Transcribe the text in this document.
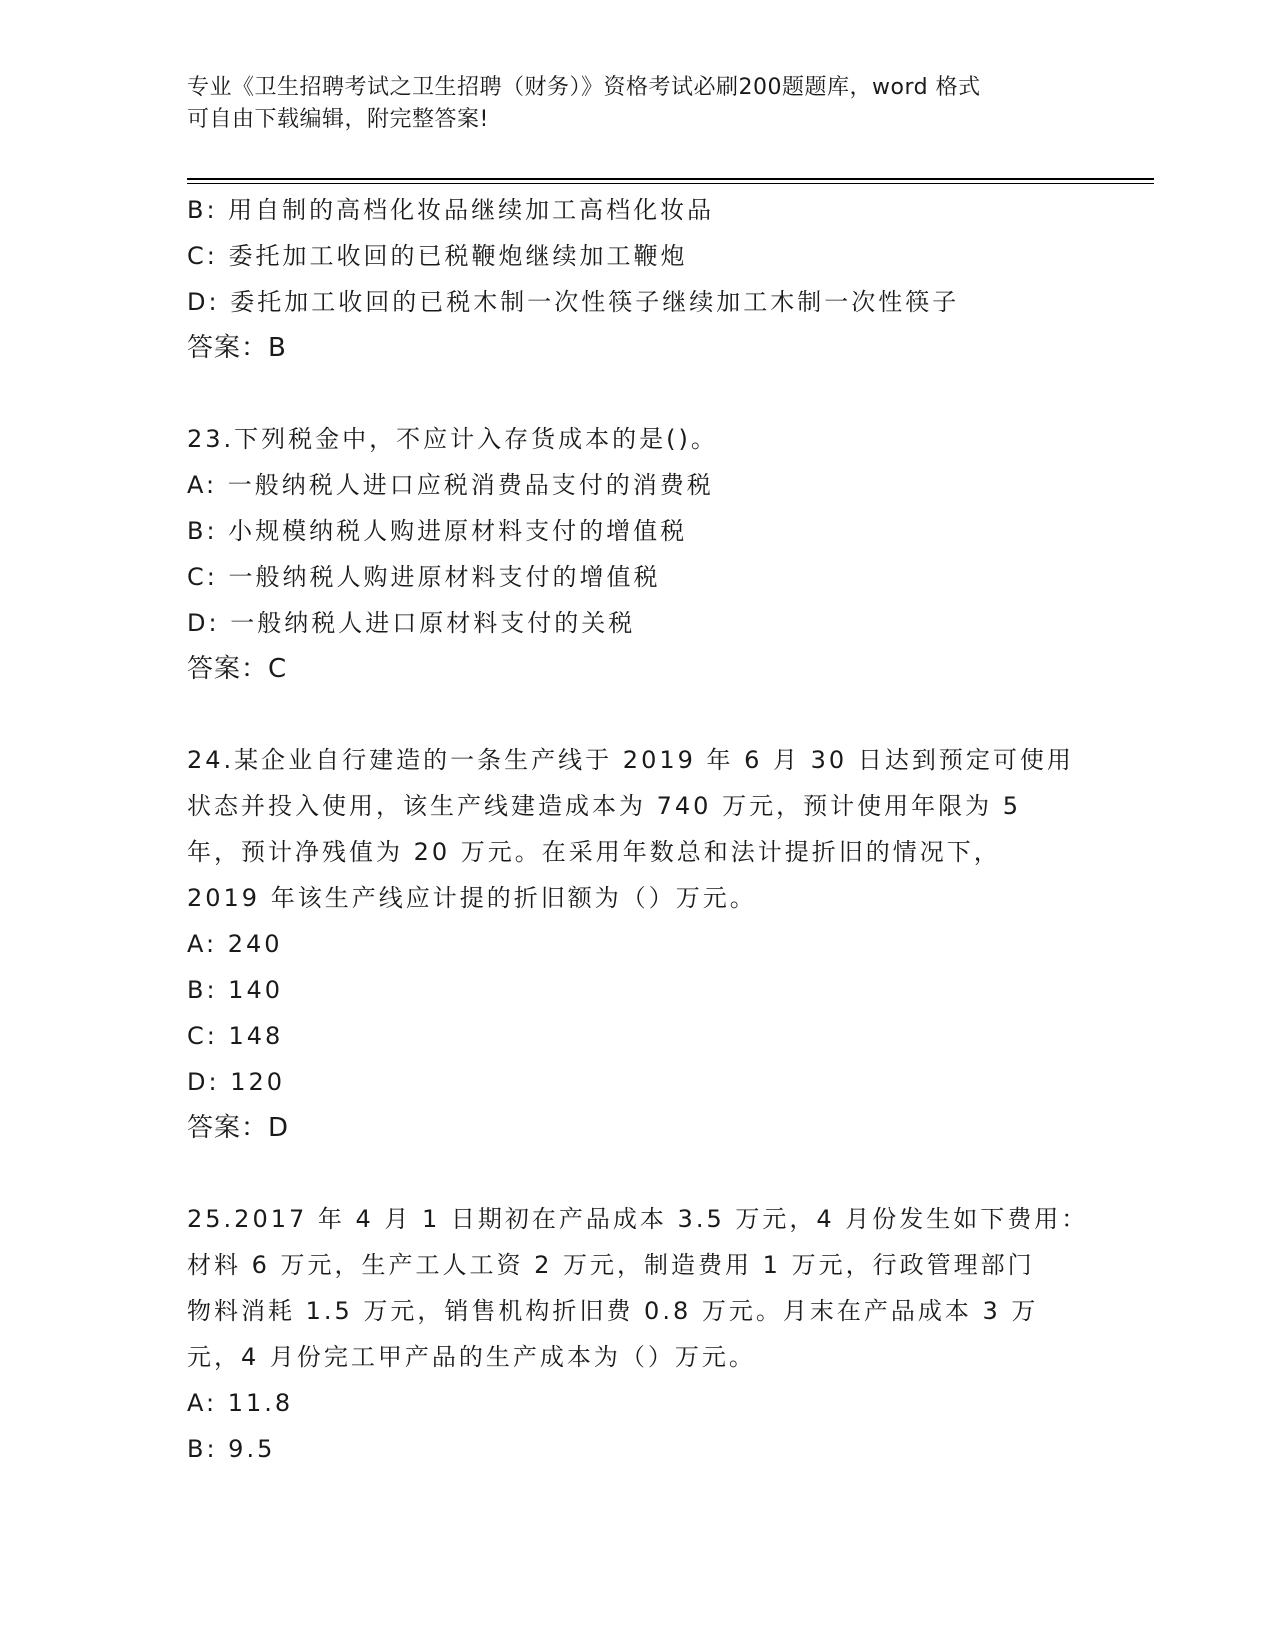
专业《卫生招聘考试之卫生招聘（财务）》资格考试必刷200题题库，word 格式
可自由下载编辑，附完整答案!
B: 用自制的高档化妆品继续加工高档化妆品
C: 委托加工收回的已税鞭炮继续加工鞭炮
D: 委托加工收回的已税木制一次性筷子继续加工木制一次性筷子
答案：B
23.下列税金中，不应计入存货成本的是()。
A: 一般纳税人进口应税消费品支付的消费税
B: 小规模纳税人购进原材料支付的增值税
C: 一般纳税人购进原材料支付的增值税
D: 一般纳税人进口原材料支付的关税
答案：C
24.某企业自行建造的一条生产线于 2019 年 6 月 30 日达到预定可使用
状态并投入使用，该生产线建造成本为 740 万元，预计使用年限为 5
年，预计净残值为 20 万元。在采用年数总和法计提折旧的情况下，
2019 年该生产线应计提的折旧额为（）万元。
A: 240
B: 140
C: 148
D: 120
答案：D
25.2017 年 4 月 1 日期初在产品成本 3.5 万元，4 月份发生如下费用：
材料 6 万元，生产工人工资 2 万元，制造费用 1 万元，行政管理部门
物料消耗 1.5 万元，销售机构折旧费 0.8 万元。月末在产品成本 3 万
元，4 月份完工甲产品的生产成本为（）万元。
A: 11.8
B: 9.5
